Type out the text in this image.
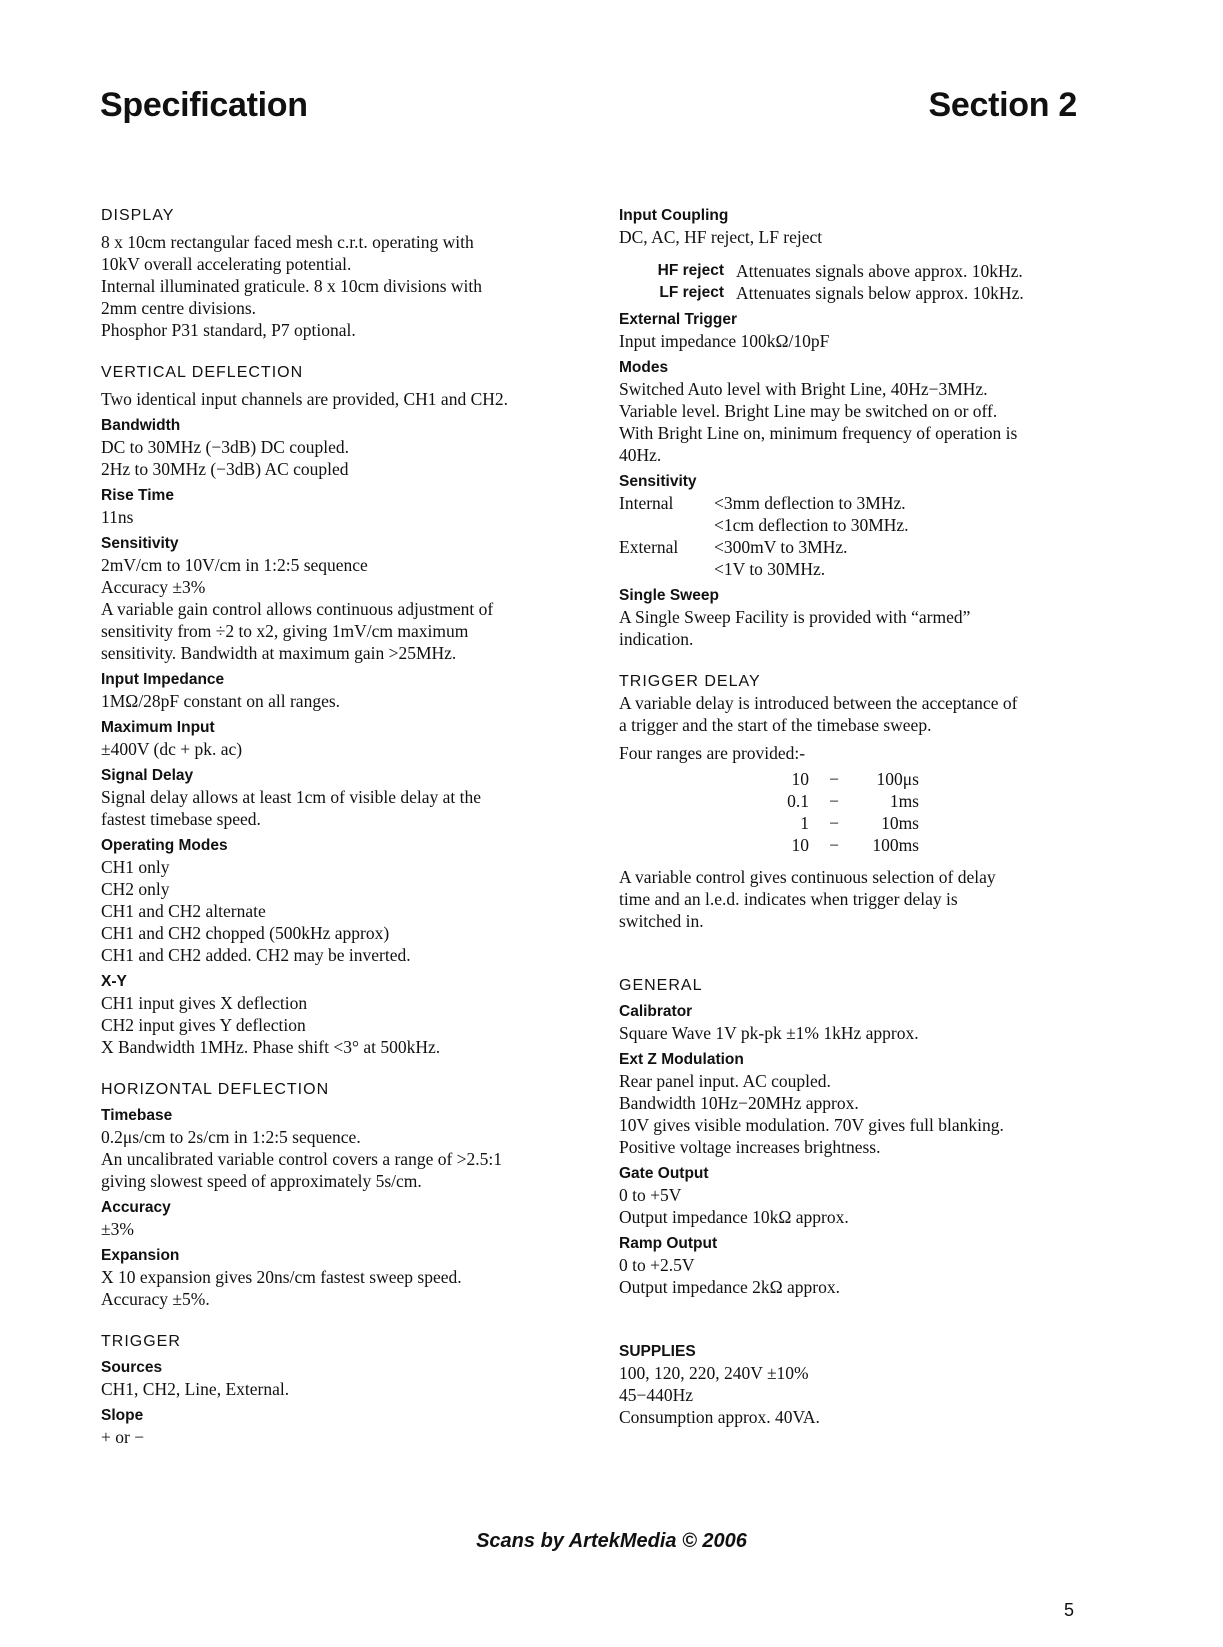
Specification	Section 2
DISPLAY

8 x 10cm rectangular faced mesh c.r.t. operating with
10kV overall accelerating potential.
Internal illuminated graticule. 8 x 10cm divisions with
2mm centre divisions.
Phosphor P31 standard, P7 optional.

VERTICAL DEFLECTION

Two identical input channels are provided, CH1 and CH2.

Bandwidth

DC to 30MHz (−3dB) DC coupled.
2Hz to 30MHz (−3dB) AC coupled

Rise Time

11ns

Sensitivity

2mV/cm to 10V/cm in 1:2:5 sequence
Accuracy ±3%
A variable gain control allows continuous adjustment of
sensitivity from ÷2 to x2, giving 1mV/cm maximum
sensitivity. Bandwidth at maximum gain >25MHz.

Input Impedance

1MΩ/28pF constant on all ranges.

Maximum Input

±400V (dc + pk. ac)

Signal Delay

Signal delay allows at least 1cm of visible delay at the
fastest timebase speed.

Operating Modes

CH1 only
CH2 only
CH1 and CH2 alternate
CH1 and CH2 chopped (500kHz approx)
CH1 and CH2 added. CH2 may be inverted.

X-Y

CH1 input gives X deflection
CH2 input gives Y deflection
X Bandwidth 1MHz. Phase shift <3° at 500kHz.

HORIZONTAL DEFLECTION
Timebase

0.2μs/cm to 2s/cm in 1:2:5 sequence.
An uncalibrated variable control covers a range of >2.5:1
giving slowest speed of approximately 5s/cm.

Accuracy

±3%

Expansion

X 10 expansion gives 20ns/cm fastest sweep speed.
Accuracy ±5%.

TRIGGER
Sources

CH1, CH2, Line, External.

Slope

+ or −

Input Coupling

DC, AC, HF reject, LF reject

HF reject Attenuates signals above approx. 10kHz.
LF reject Attenuates signals below approx. 10kHz.
External Trigger

Input impedance 100kΩ/10pF

Modes

Switched Auto level with Bright Line, 40Hz−3MHz.
Variable level. Bright Line may be switched on or off.
With Bright Line on, minimum frequency of operation is
40Hz.

Sensitivity
Internal	<3mm deflection to 3MHz.
<1cm deflection to 30MHz.
External	<300mV to 3MHz.
<1V to 30MHz.
Single Sweep

A Single Sweep Facility is provided with “armed”
indication.

TRIGGER DELAY

A variable delay is introduced between the acceptance of
a trigger and the start of the timebase sweep.

Four ranges are provided:-

10	−	100μs
0.1	−	1ms
1	−	10ms
10	−	100ms

A variable control gives continuous selection of delay
time and an l.e.d. indicates when trigger delay is
switched in.

GENERAL
Calibrator

Square Wave 1V pk-pk ±1% 1kHz approx.

Ext Z Modulation

Rear panel input. AC coupled.
Bandwidth 10Hz−20MHz approx.
10V gives visible modulation. 70V gives full blanking.
Positive voltage increases brightness.

Gate Output

0 to +5V
Output impedance 10kΩ approx.

Ramp Output

0 to +2.5V
Output impedance 2kΩ approx.

SUPPLIES

100, 120, 220, 240V ±10%
45−440Hz
Consumption approx. 40VA.

Scans by ArtekMedia © 2006

5
